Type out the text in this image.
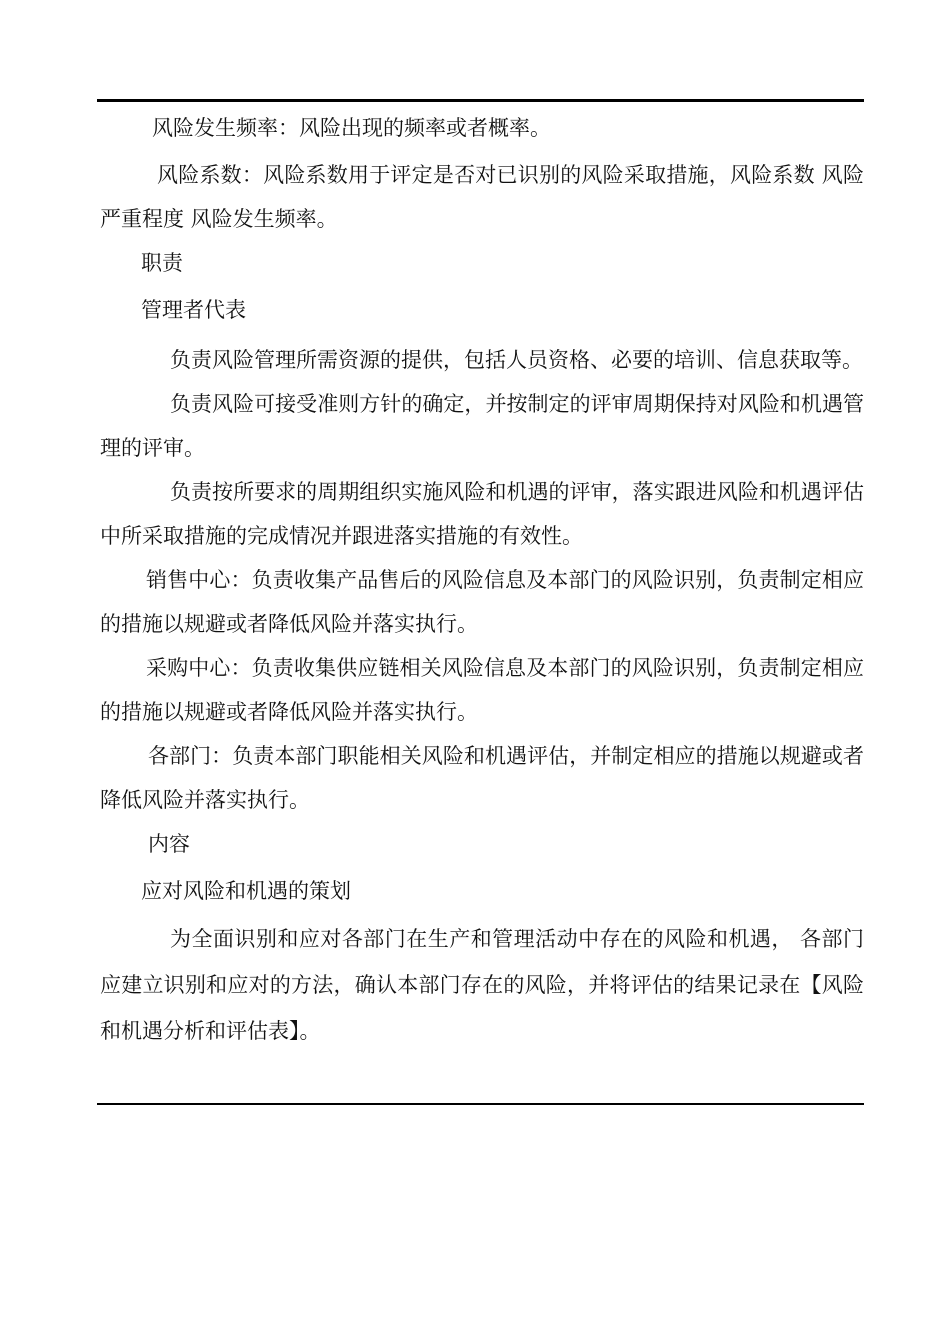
风险发生频率：风险出现的频率或者概率。

风险系数：风险系数用于评定是否对已识别的风险采取措施，风险系数 风险严重程度 风险发生频率。

职责

管理者代表

负责风险管理所需资源的提供，包括人员资格、必要的培训、信息获取等。

负责风险可接受准则方针的确定，并按制定的评审周期保持对风险和机遇管理的评审。

负责按所要求的周期组织实施风险和机遇的评审，落实跟进风险和机遇评估中所采取措施的完成情况并跟进落实措施的有效性。

销售中心：负责收集产品售后的风险信息及本部门的风险识别，负责制定相应的措施以规避或者降低风险并落实执行。

采购中心：负责收集供应链相关风险信息及本部门的风险识别，负责制定相应的措施以规避或者降低风险并落实执行。

各部门：负责本部门职能相关风险和机遇评估，并制定相应的措施以规避或者降低风险并落实执行。

内容

应对风险和机遇的策划

为全面识别和应对各部门在生产和管理活动中存在的风险和机遇， 各部门应建立识别和应对的方法，确认本部门存在的风险，并将评估的结果记录在【风险和机遇分析和评估表】。
